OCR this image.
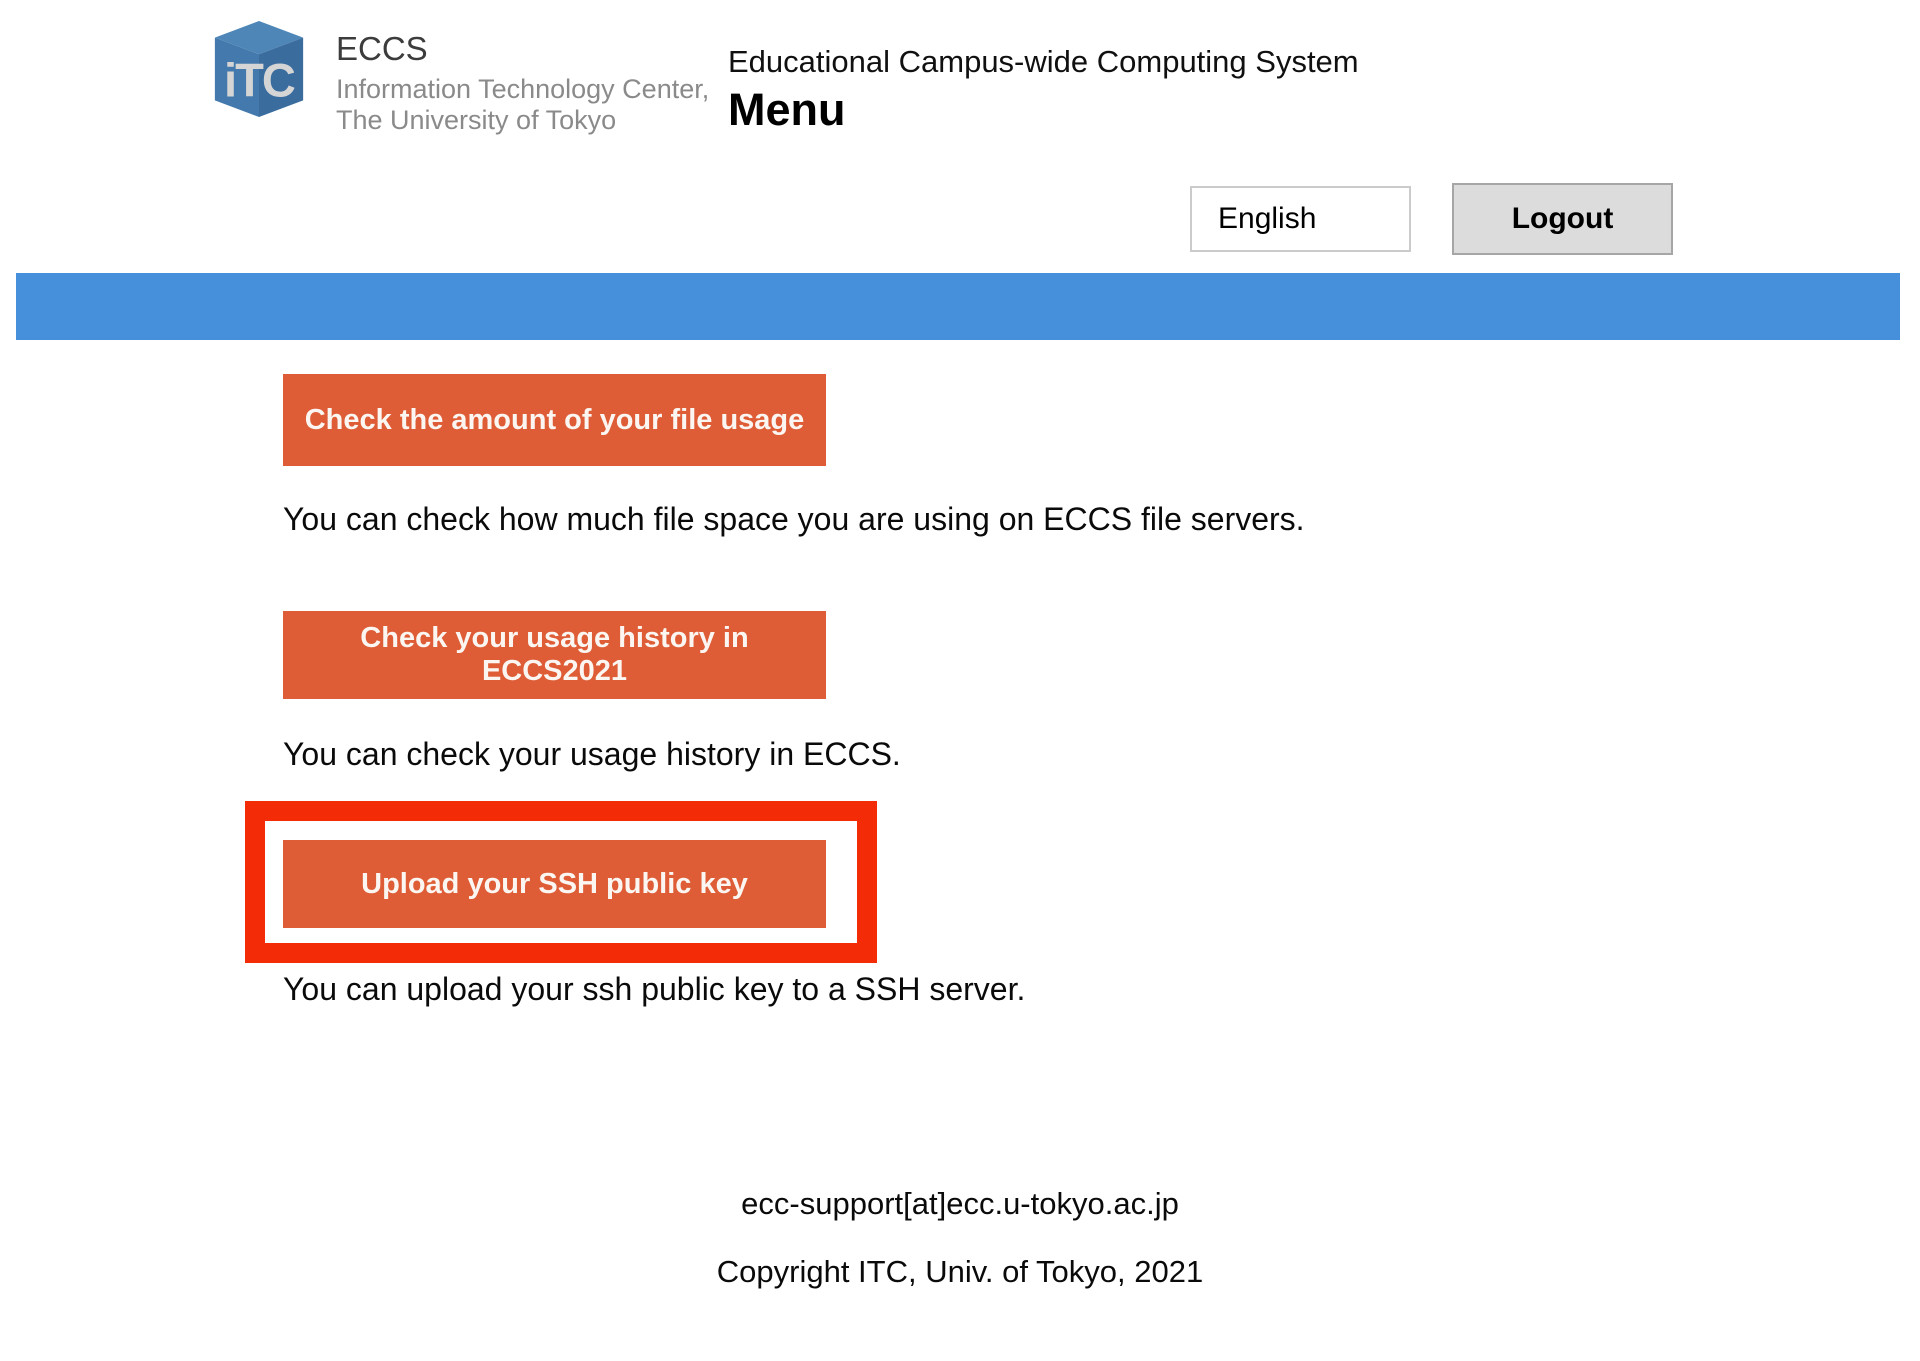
iTC
ECCS
Information Technology Center,
The University of Tokyo
Educational Campus-wide Computing System
Menu
English	Logout
Check the amount of your file usage
You can check how much file space you are using on ECCS file servers.
Check your usage history in ECCS2021
You can check your usage history in ECCS.
Upload your SSH public key
You can upload your ssh public key to a SSH server.
ecc-support[at]ecc.u-tokyo.ac.jp
Copyright ITC, Univ. of Tokyo, 2021
